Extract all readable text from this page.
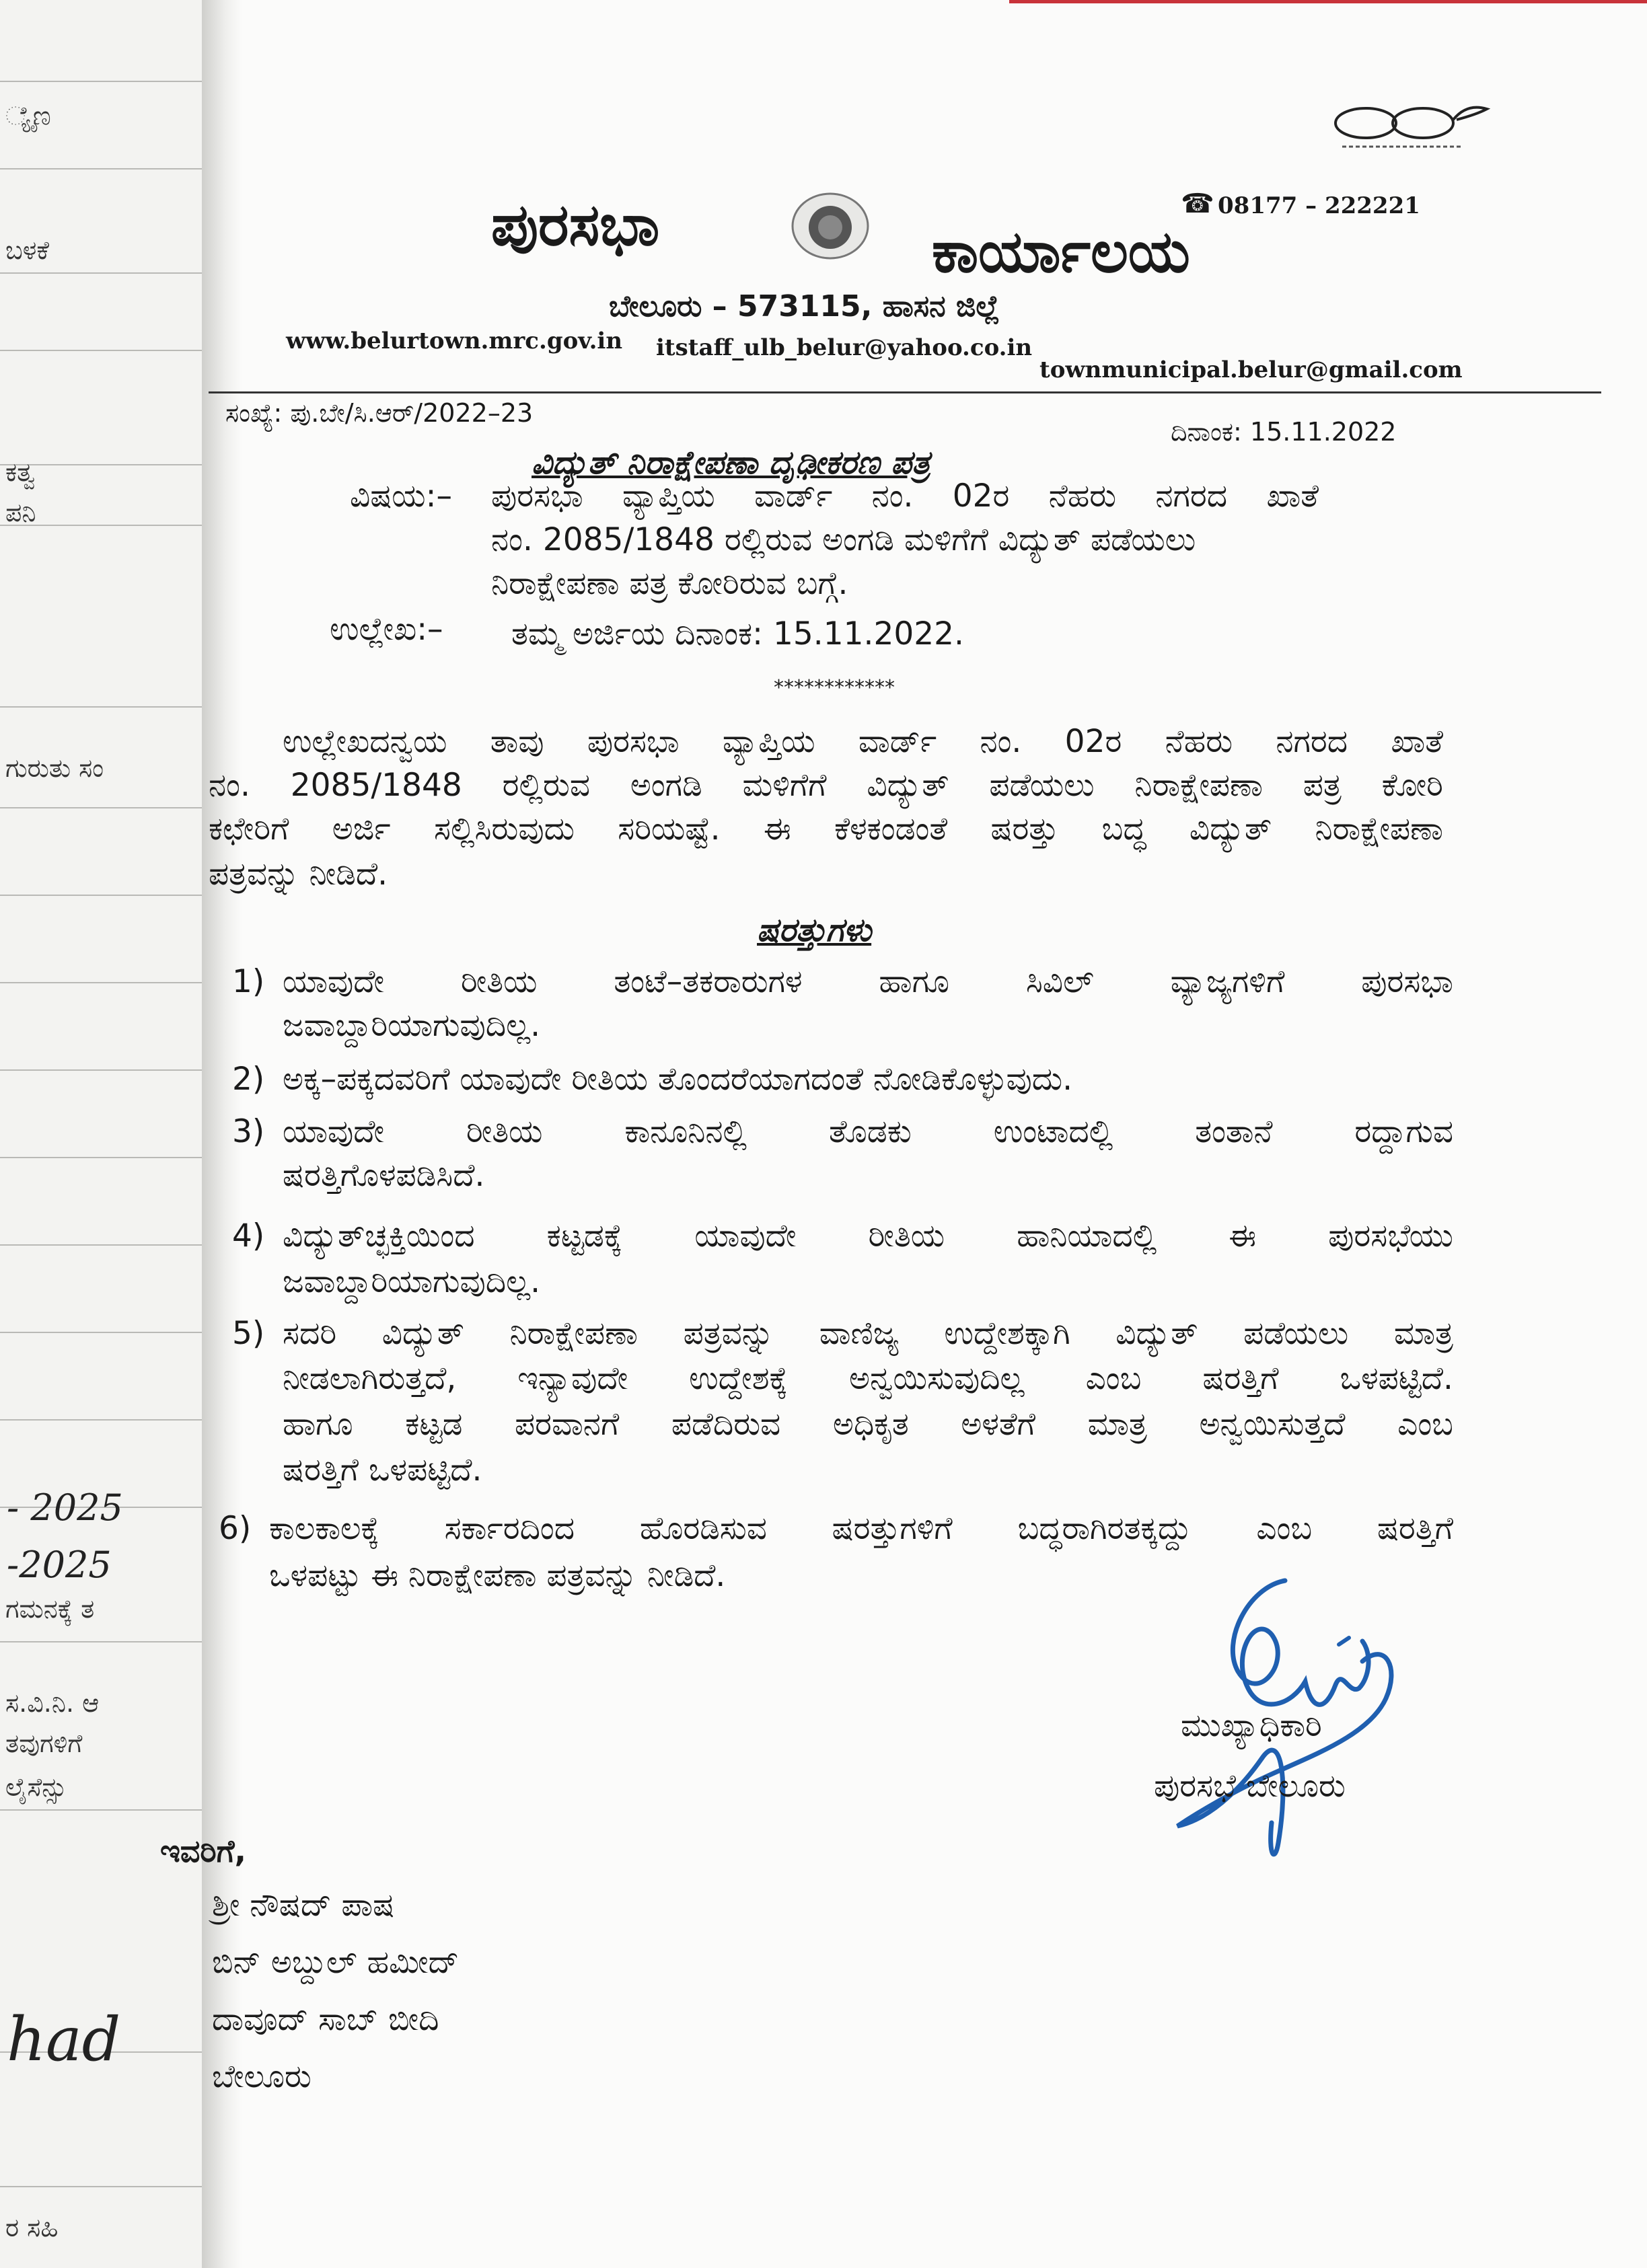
್ಯೈಣ
ಬಳಕೆ
ಕತ್ವ
ಪನಿ
ಗುರುತು ಸಂ
- 2025
-2025
ಗಮನಕ್ಕೆ ತ
ಸ.ವಿ.ನಿ. ಆ
ತವುಗಳಿಗೆ
ಲೈಸೆನ್ಸು
had
ರ ಸಹಿ
☎ 08177 – 222221
ಪುರಸಭಾ	ಕಾರ್ಯಾಲಯ
ಬೇಲೂರು – 573115, ಹಾಸನ ಜಿಲ್ಲೆ
www.belurtown.mrc.gov.in itstaff_ulb_belur@yahoo.co.in
townmunicipal.belur@gmail.com
ಸಂಖ್ಯೆ: ಪು.ಬೇ/ಸಿ.ಆರ್/2022–23
ದಿನಾಂಕ: 15.11.2022
ವಿದ್ಯುತ್ ನಿರಾಕ್ಷೇಪಣಾ ದೃಢೀಕರಣ ಪತ್ರ
ವಿಷಯ:– ಪುರಸಭಾ ವ್ಯಾಪ್ತಿಯ ವಾರ್ಡ್ ನಂ. 02ರ ನೆಹರು ನಗರದ ಖಾತೆ
ನಂ. 2085/1848 ರಲ್ಲಿರುವ ಅಂಗಡಿ ಮಳಿಗೆಗೆ ವಿದ್ಯುತ್ ಪಡೆಯಲು
ನಿರಾಕ್ಷೇಪಣಾ ಪತ್ರ ಕೋರಿರುವ ಬಗ್ಗೆ.
ಉಲ್ಲೇಖ:– ತಮ್ಮ ಅರ್ಜಿಯ ದಿನಾಂಕ: 15.11.2022.
************
ಉಲ್ಲೇಖದನ್ವಯ ತಾವು ಪುರಸಭಾ ವ್ಯಾಪ್ತಿಯ ವಾರ್ಡ್ ನಂ. 02ರ ನೆಹರು ನಗರದ ಖಾತೆ
ನಂ. 2085/1848 ರಲ್ಲಿರುವ ಅಂಗಡಿ ಮಳಿಗೆಗೆ ವಿದ್ಯುತ್ ಪಡೆಯಲು ನಿರಾಕ್ಷೇಪಣಾ ಪತ್ರ ಕೋರಿ
ಕಛೇರಿಗೆ ಅರ್ಜಿ ಸಲ್ಲಿಸಿರುವುದು ಸರಿಯಷ್ಟೆ. ಈ ಕೆಳಕಂಡಂತೆ ಷರತ್ತು ಬದ್ಧ ವಿದ್ಯುತ್ ನಿರಾಕ್ಷೇಪಣಾ
ಪತ್ರವನ್ನು ನೀಡಿದೆ.
ಷರತ್ತುಗಳು
1) ಯಾವುದೇ ರೀತಿಯ ತಂಟೆ–ತಕರಾರುಗಳ ಹಾಗೂ ಸಿವಿಲ್ ವ್ಯಾಜ್ಯಗಳಿಗೆ ಪುರಸಭಾ
ಜವಾಬ್ದಾರಿಯಾಗುವುದಿಲ್ಲ.
2) ಅಕ್ಕ–ಪಕ್ಕದವರಿಗೆ ಯಾವುದೇ ರೀತಿಯ ತೊಂದರೆಯಾಗದಂತೆ ನೋಡಿಕೊಳ್ಳುವುದು.
3) ಯಾವುದೇ ರೀತಿಯ ಕಾನೂನಿನಲ್ಲಿ ತೊಡಕು ಉಂಟಾದಲ್ಲಿ ತಂತಾನೆ ರದ್ದಾಗುವ
ಷರತ್ತಿಗೊಳಪಡಿಸಿದೆ.
4) ವಿದ್ಯುತ್‌ಚ್ಛಕ್ತಿಯಿಂದ ಕಟ್ಟಡಕ್ಕೆ ಯಾವುದೇ ರೀತಿಯ ಹಾನಿಯಾದಲ್ಲಿ ಈ ಪುರಸಭೆಯು
ಜವಾಬ್ದಾರಿಯಾಗುವುದಿಲ್ಲ.
5) ಸದರಿ ವಿದ್ಯುತ್ ನಿರಾಕ್ಷೇಪಣಾ ಪತ್ರವನ್ನು ವಾಣಿಜ್ಯ ಉದ್ದೇಶಕ್ಕಾಗಿ ವಿದ್ಯುತ್ ಪಡೆಯಲು ಮಾತ್ರ
ನೀಡಲಾಗಿರುತ್ತದೆ, ಇನ್ಯಾವುದೇ ಉದ್ದೇಶಕ್ಕೆ ಅನ್ವಯಿಸುವುದಿಲ್ಲ ಎಂಬ ಷರತ್ತಿಗೆ ಒಳಪಟ್ಟಿದೆ.
ಹಾಗೂ ಕಟ್ಟಡ ಪರವಾನಗೆ ಪಡೆದಿರುವ ಅಧಿಕೃತ ಅಳತೆಗೆ ಮಾತ್ರ ಅನ್ವಯಿಸುತ್ತದೆ ಎಂಬ
ಷರತ್ತಿಗೆ ಒಳಪಟ್ಟಿದೆ.
6) ಕಾಲಕಾಲಕ್ಕೆ ಸರ್ಕಾರದಿಂದ ಹೊರಡಿಸುವ ಷರತ್ತುಗಳಿಗೆ ಬದ್ಧರಾಗಿರತಕ್ಕದ್ದು ಎಂಬ ಷರತ್ತಿಗೆ
ಒಳಪಟ್ಟು ಈ ನಿರಾಕ್ಷೇಪಣಾ ಪತ್ರವನ್ನು ನೀಡಿದೆ.
ಮುಖ್ಯಾಧಿಕಾರಿ
ಪುರಸಭೆ ಬೇಲೂರು
ಇವರಿಗೆ,
ಶ್ರೀ ನೌಷದ್ ಪಾಷ
ಬಿನ್ ಅಬ್ದುಲ್ ಹಮೀದ್
ದಾವೂದ್ ಸಾಬ್ ಬೀದಿ
ಬೇಲೂರು
